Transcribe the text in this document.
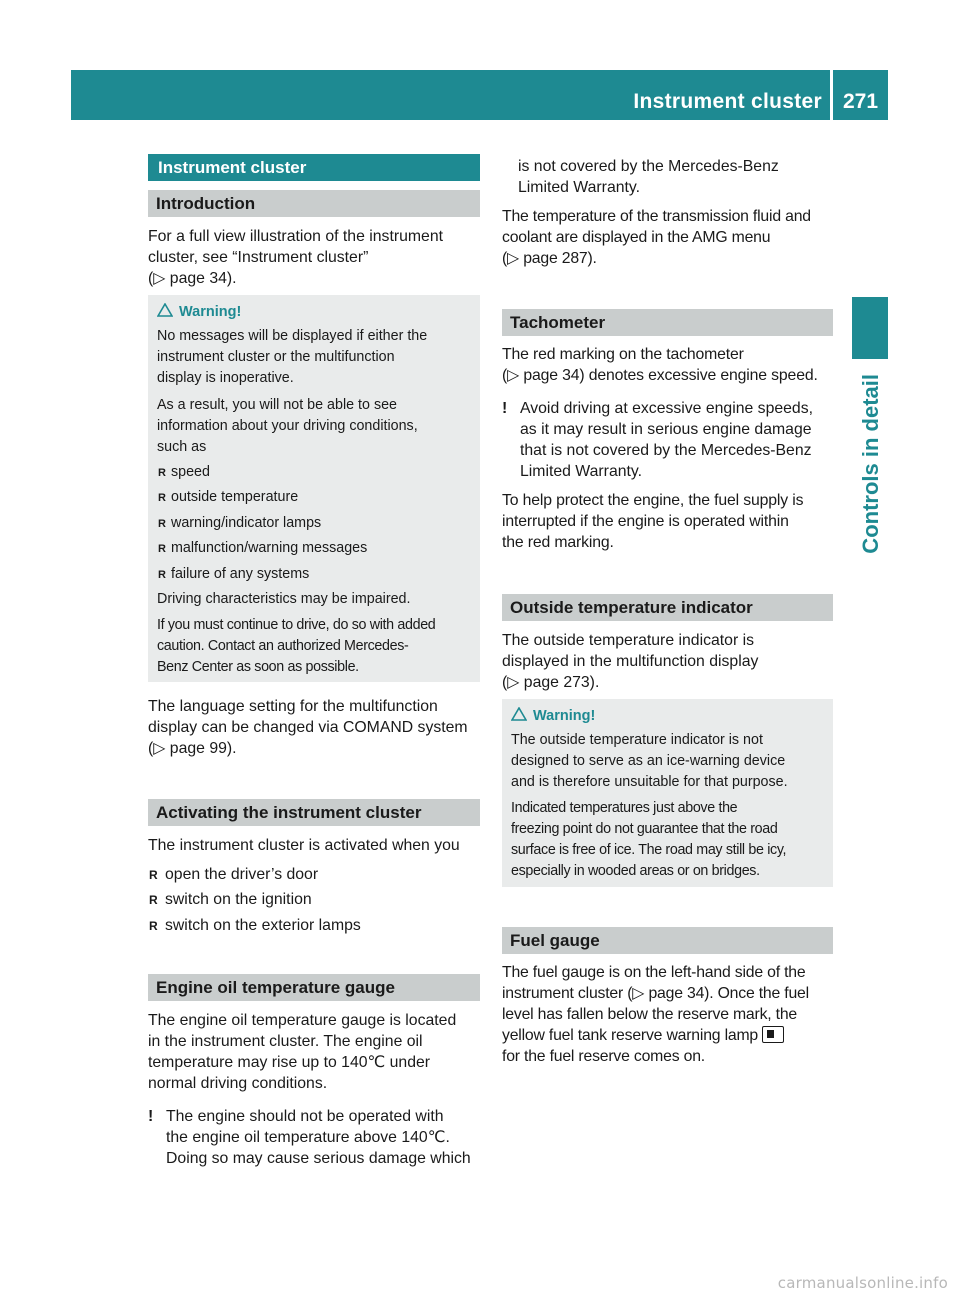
Instrument cluster 271
Controls in detail
Instrument cluster
Introduction
For a full view illustration of the instrument
cluster, see “Instrument cluster”
(▷ page 34).
Warning!
No messages will be displayed if either the
instrument cluster or the multifunction
display is inoperative.
As a result, you will not be able to see
information about your driving conditions,
such as
R speed
R outside temperature
R warning/indicator lamps
R malfunction/warning messages
R failure of any systems
Driving characteristics may be impaired.
If you must continue to drive, do so with added
caution. Contact an authorized Mercedes-
Benz Center as soon as possible.
The language setting for the multifunction
display can be changed via COMAND system
(▷ page 99).
Activating the instrument cluster
The instrument cluster is activated when you
R open the driver’s door
R switch on the ignition
R switch on the exterior lamps
Engine oil temperature gauge
The engine oil temperature gauge is located
in the instrument cluster. The engine oil
temperature may rise up to 140℃ under
normal driving conditions.
! The engine should not be operated with
the engine oil temperature above 140℃.
Doing so may cause serious damage which
is not covered by the Mercedes-Benz
Limited Warranty.
The temperature of the transmission fluid and
coolant are displayed in the AMG menu
(▷ page 287).
Tachometer
The red marking on the tachometer
(▷ page 34) denotes excessive engine speed.
! Avoid driving at excessive engine speeds,
as it may result in serious engine damage
that is not covered by the Mercedes-Benz
Limited Warranty.
To help protect the engine, the fuel supply is
interrupted if the engine is operated within
the red marking.
Outside temperature indicator
The outside temperature indicator is
displayed in the multifunction display
(▷ page 273).
Warning!
The outside temperature indicator is not
designed to serve as an ice-warning device
and is therefore unsuitable for that purpose.
Indicated temperatures just above the
freezing point do not guarantee that the road
surface is free of ice. The road may still be icy,
especially in wooded areas or on bridges.
Fuel gauge
The fuel gauge is on the left-hand side of the
instrument cluster (▷ page 34). Once the fuel
level has fallen below the reserve mark, the
yellow fuel tank reserve warning lamp
for the fuel reserve comes on.
carmanualsonline.info
